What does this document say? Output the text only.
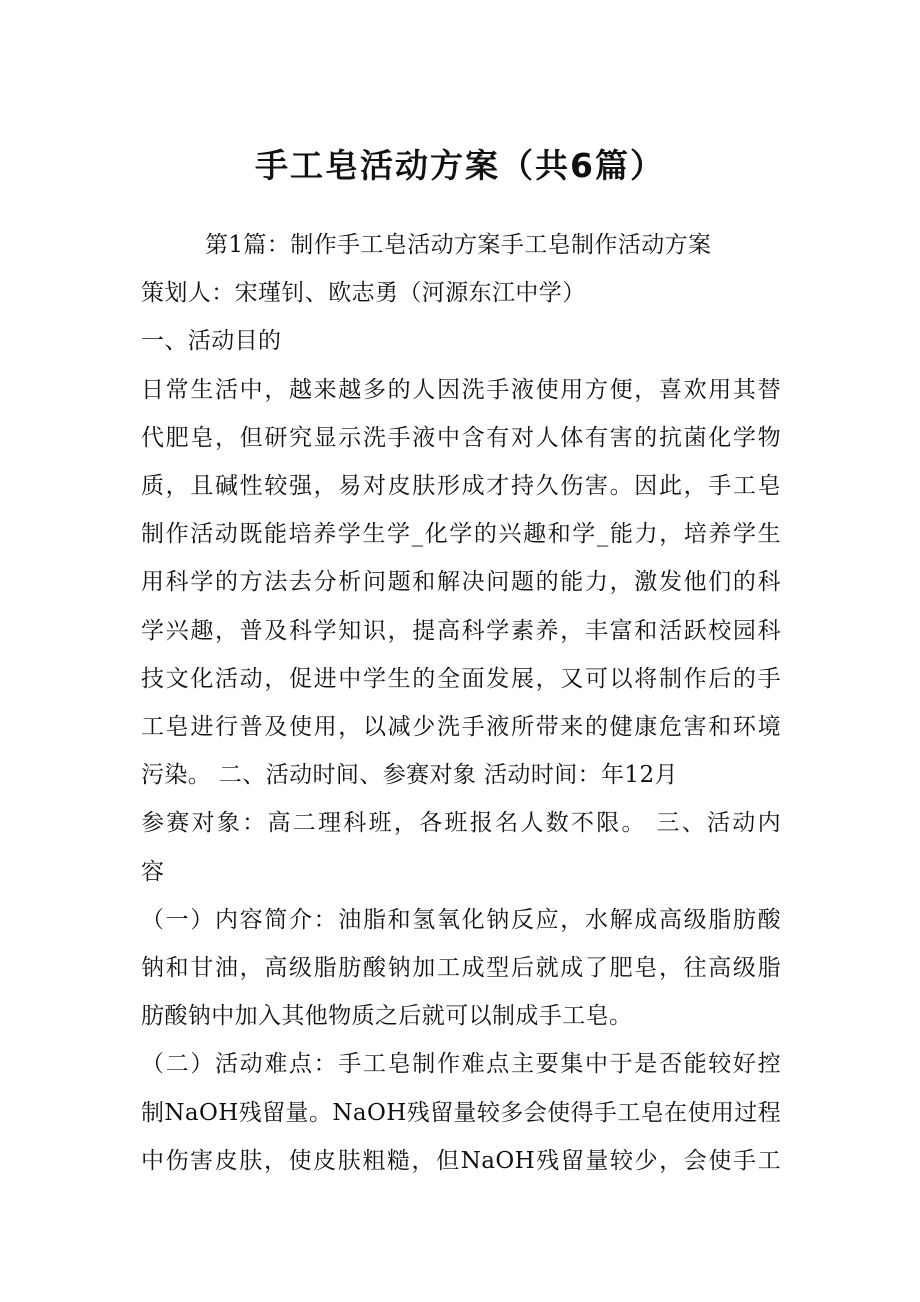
手工皂活动方案（共6篇）
第1篇：制作手工皂活动方案手工皂制作活动方案
策划人：宋瑾钊、欧志勇（河源东江中学）
一、活动目的
日常生活中，越来越多的人因洗手液使用方便，喜欢用其替
代肥皂，但研究显示洗手液中含有对人体有害的抗菌化学物
质，且碱性较强，易对皮肤形成才持久伤害。因此，手工皂
制作活动既能培养学生学_化学的兴趣和学_能力，培养学生
用科学的方法去分析问题和解决问题的能力，激发他们的科
学兴趣，普及科学知识，提高科学素养，丰富和活跃校园科
技文化活动，促进中学生的全面发展，又可以将制作后的手
工皂进行普及使用，以减少洗手液所带来的健康危害和环境
污染。 二、活动时间、参赛对象 活动时间：年12月
参赛对象：高二理科班，各班报名人数不限。 三、活动内
容
（一）内容简介：油脂和氢氧化钠反应，水解成高级脂肪酸
钠和甘油，高级脂肪酸钠加工成型后就成了肥皂，往高级脂
肪酸钠中加入其他物质之后就可以制成手工皂。
（二）活动难点：手工皂制作难点主要集中于是否能较好控
制NaOH残留量。NaOH残留量较多会使得手工皂在使用过程
中伤害皮肤，使皮肤粗糙，但NaOH残留量较少，会使手工
